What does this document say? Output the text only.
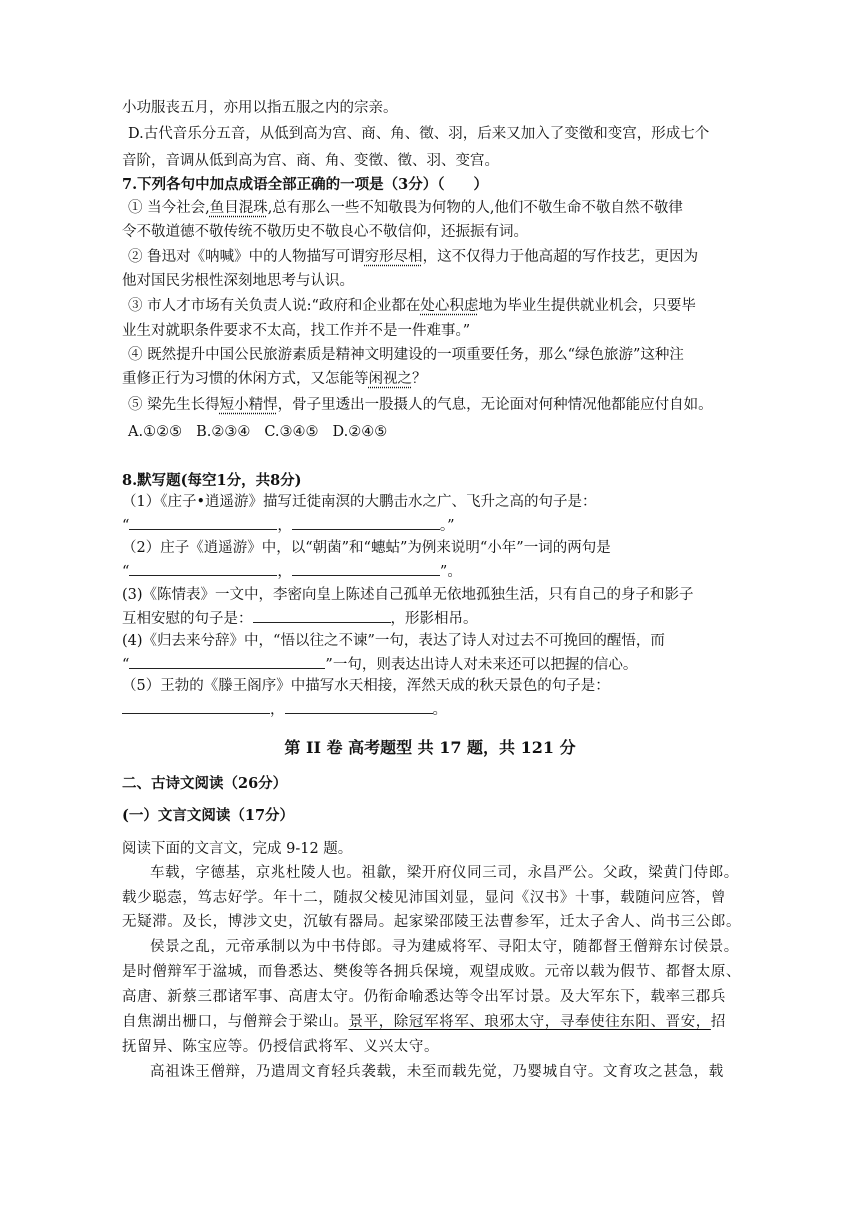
小功服丧五月，亦用以指五服之内的宗亲。
D.古代音乐分五音，从低到高为宫、商、角、徵、羽，后来又加入了变徵和变宫，形成七个
音阶，音调从低到高为宫、商、角、变徵、徵、羽、变宫。
7.下列各句中加点成语全部正确的一项是（3分）（　　）
① 当今社会,鱼目混珠,总有那么一些不知敬畏为何物的人,他们不敬生命不敬自然不敬律
令不敬道德不敬传统不敬历史不敬良心不敬信仰，还振振有词。
② 鲁迅对《呐喊》中的人物描写可谓穷形尽相，这不仅得力于他高超的写作技艺，更因为
他对国民劣根性深刻地思考与认识。
③ 市人才市场有关负责人说:“政府和企业都在处心积虑地为毕业生提供就业机会，只要毕
业生对就职条件要求不太高，找工作并不是一件难事。”
④ 既然提升中国公民旅游素质是精神文明建设的一项重要任务，那么“绿色旅游”这种注
重修正行为习惯的休闲方式，又怎能等闲视之？
⑤ 梁先生长得短小精悍，骨子里透出一股摄人的气息，无论面对何种情况他都能应付自如。
A.①②⑤ B.②③④ C.③④⑤ D.②④⑤
8.默写题(每空1分，共8分)
（1）《庄子•逍遥游》描写迁徙南溟的大鹏击水之广、飞升之高的句子是：
“	，	。”
（2）庄子《逍遥游》中，以“朝菌”和“蟪蛄”为例来说明“小年”一词的两句是
“	，	”。
(3)《陈情表》一文中，李密向皇上陈述自己孤单无依地孤独生活，只有自己的身子和影子
互相安慰的句子是：	，形影相吊。
(4)《归去来兮辞》中，“悟以往之不谏”一句，表达了诗人对过去不可挽回的醒悟，而
“	”一句，则表达出诗人对未来还可以把握的信心。
（5）王勃的《滕王阁序》中描写水天相接，浑然天成的秋天景色的句子是：
，	。
第 II 卷 高考题型 共 17 题，共 121 分
二、古诗文阅读（26分）
(一）文言文阅读（17分）
阅读下面的文言文，完成 9-12 题。
车载，字德基，京兆杜陵人也。祖歙，梁开府仪同三司，永昌严公。父政，梁黄门侍郎。
载少聪悫，笃志好学。年十二，随叔父棱见沛国刘显，显问《汉书》十事，载随问应答，曾
无疑滞。及长，博涉文史，沉敏有器局。起家梁邵陵王法曹参军，迁太子舍人、尚书三公郎。
侯景之乱，元帝承制以为中书侍郎。寻为建威将军、寻阳太守，随都督王僧辩东讨侯景。
是时僧辩军于湓城，而鲁悉达、樊俊等各拥兵保境，观望成败。元帝以载为假节、都督太原、
高唐、新蔡三郡诸军事、高唐太守。仍衔命喻悉达等令出军讨景。及大军东下，载率三郡兵
自焦湖出栅口，与僧辩会于梁山。景平，除冠军将军、琅邪太守，寻奉使往东阳、晋安，招
抚留异、陈宝应等。仍授信武将军、义兴太守。
高祖诛王僧辩，乃遣周文育轻兵袭载，未至而载先觉，乃婴城自守。文育攻之甚急，载
